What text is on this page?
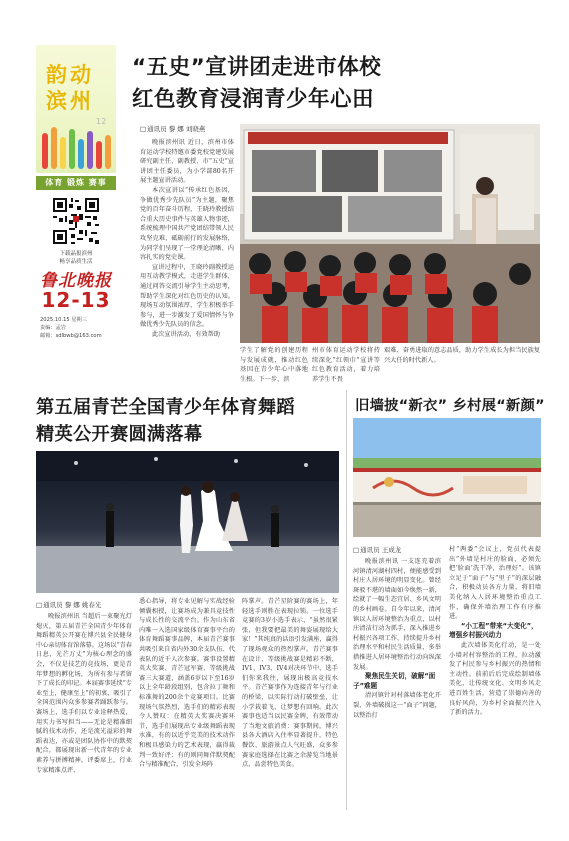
韵动
滨州
12
体育 锻炼 赛事
下载晶报滨州
畅享品质生活
鲁北晚报
12-13
2025.10.15 星期三
责编：孟岩
邮箱：sdlbwb@163.com
“五史”宣讲团走进市体校
红色教育浸润青少年心田
□ 通讯员 黎 娜 刘晓燕

晚报滨州讯 近日，滨州市体育运动学校特邀市委党校党建发展研究副主任、副教授、市“五史”宣讲团主任委员，为小学部80名开展主题宣讲活动。

本次宣讲以“传承红色基因，争做优秀少先队员”为主题，聚焦党的百年奋斗历程，王晓玲教授结合重大历史事件与英雄人物事迹，系统梳理中国共产党团结带领人民攻坚克难、砥砺前行的发展脉络，为同学们呈现了一堂理论清晰、内容扎实的党史课。

宣讲过程中，王晓玲副教授运用互动教学模式，走进学生群体，通过问答交流引导学生主动思考，帮助学生深化对红色历史的认知。现场互动氛围浓厚，学生积极举手参与，进一步激发了爱国情怀与争做优秀少先队员的信念。

此次宣讲活动，有效帮助

学生了解党的创建历程与发展成就，推动红色基因在青少年心中落地生根。下一步，滨

州市体育运动学校将持续深化“红领巾”宣讲等红色教育活动，着力培养学生不畏

艰难、奋勇进取的意志品质，助力学生成长为担当民族复兴大任的时代新人。

第五届青芒全国青少年体育舞蹈
精英公开赛圆满落幕
□ 通讯员 黎 娜 姚春光

晚报滨州讯 当超后一束聚光灯熄灭，第五届青芒全国青少年体育舞蹈精英公开赛在博兴县全民健身中心亲切体育馆落幕。这场以“青春日息，光芒万丈”为核心理念的盛会，不仅是技艺的竞技场，更是青年梦想的孵化场，为所有参与者留下了成长的印记。本届赛事延续“专业至上，健康至上”的初衷，吸引了全国范围内众多参赛者踊跃参与。赛场上，选手们以专业诠释热爱，用实力书写担当——无论是精准细腻的技术动作，还是流光溢彩的舞蹈表达，亦或是团队协作中的默契配合，都展现出新一代青年的专业素养与拼搏精神。评委席上，行业专家精准点评、

悉心指导，将专业见解与实战经验倾囊相授，让赛场成为兼具竞技性与成长性的交流平台。作为山东省内唯一入选国家级体育赛事平台的体育舞蹈赛事品牌，本届青芒赛事共吸引来自省内外30余支队伍、代表队的近千人次参赛。赛事设置精英大奖赛、青芒冠军赛、等级挑战赛三大赛道，涵盖6岁以下至16岁以上全年龄段组别，包含拉丁舞和标准舞的200余个竞赛项目。比赛现场气氛热烈，选手们的精彩表现令人赞叹：在精英大奖赛决赛环节，选手们展现出专业级舞蹈表现水准，有的以近乎完美的技术动作和极具感染力的艺术表现，赢得裁判一致好评；有的则同舞伴默契配合与精准配合，引发全场阵

阵掌声。青芒星阶赛的赛场上，年轻选手则胜在表现拉锁。一位选手竞赛的3岁小选手表示，“虽然很紧张，但我要把最美的舞姿展现给大家！”其纯真的话语引发满座，赢得了现场观众的热烈掌声。青芒赛事在设计、等级挑战赛是精彩不断，IV1、IV3、IV4对决环节中，选手们你来我往，展现出极高竞技水平。青芒赛事作为连接青年与行业的桥梁，以实际行动打破壁垒，让小学栽着飞，让梦想有回响。此次赛事也适当以民赛金牌，有效带动了当地文旅消费：赛事期间，博兴县各大酒店入住率显著提升，特色餐饮、旅游景点人气旺盛，众多参赛家庭选择在比赛之余游览当地景点，品尝特色美食。

旧墙披“新衣” 乡村展“新颜”
□ 通讯员 王成龙

晚报滨州讯 一支连充着滨河镇清河湖村四村，便能感受到村庄人居环境的明显变化。曾经斑驳不堪的墙面如今焕然一新，绘就了一幅生态宜居、乡风文明的乡村画卷。自今年以来，清河镇以人居环境整治为重点，以村庄清洁行动为抓手，深入推进乡村振兴各项工作，持续提升乡村治理水平和村民生活质量，多举措推进人居环境整治行动向纵深发展。

聚焦民生关切，破解“面子”难题

清河镇针对村落墙体老化开裂、外墙破损这一“面子”问题，以整治打

村“两委”会议上，党员代表提出“外墙是村庄的脸面，必须先把‘脸面’洗干净，治理好”。该镇立足于“面子”与“里子”的深层融合，积极动员各方力量，将旧墙美化纳入人居环境整治重点工作，确保外墙治理工作有序推进。

“小工程”带来“大变化”，增强乡村振兴动力

此次墙体美化行动，是一处小墙对村容整治的工程，拉动激发了村民参与乡村振兴的热情和主动性。前前后后完成绘制墙体美化，让传统文化、文明乡风走进百姓生活，营造了崇德向善的良好风尚，为乡村全面振兴注入了新的活力。
